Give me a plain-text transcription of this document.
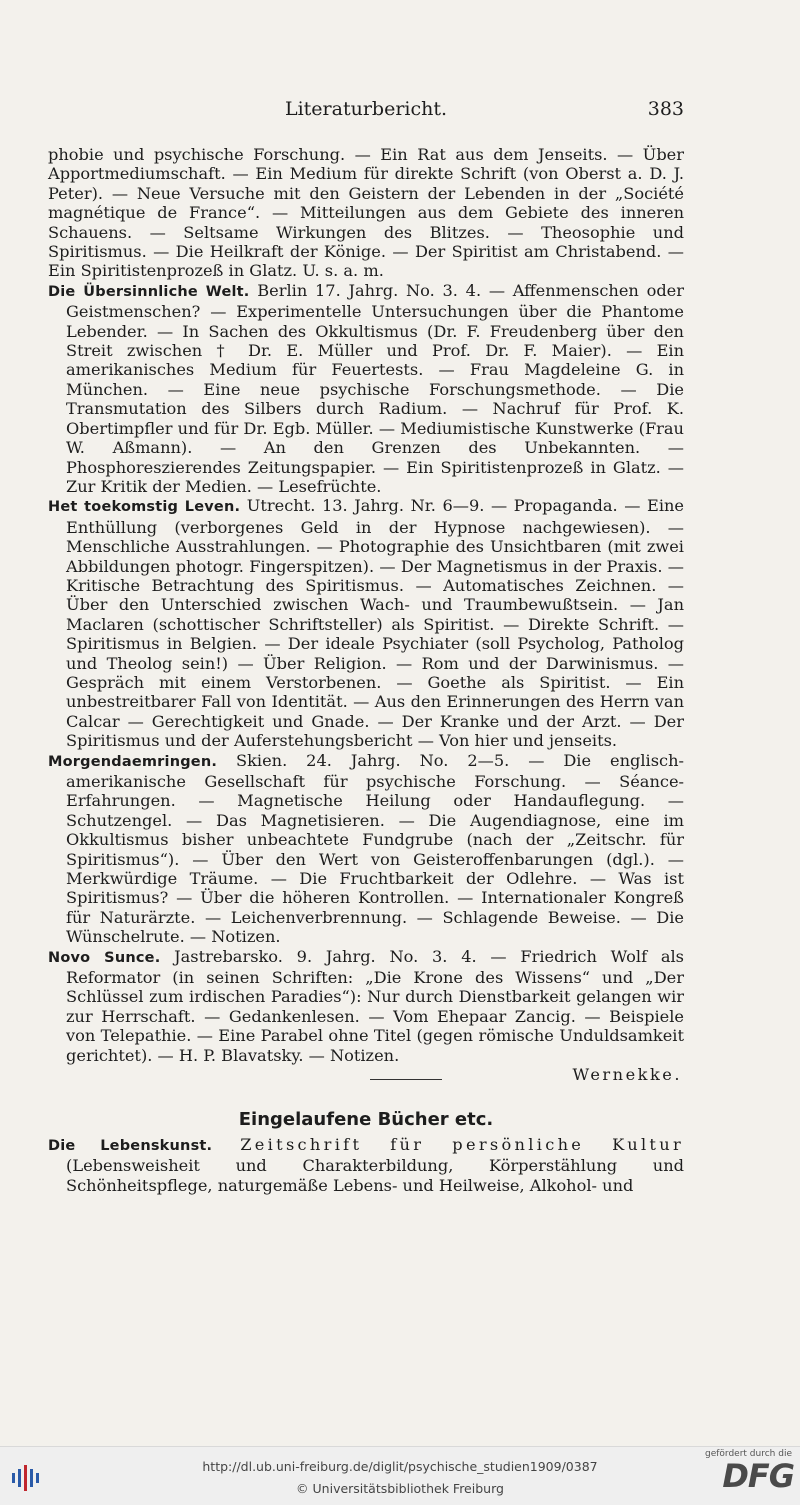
Literaturbericht.	383

phobie und psychische Forschung. — Ein Rat aus dem Jenseits. — Über Apportmediumschaft. — Ein Medium für direkte Schrift (von Oberst a. D. J. Peter). — Neue Versuche mit den Geistern der Lebenden in der „Société magnétique de France“. — Mitteilungen aus dem Gebiete des inneren Schauens. — Seltsame Wirkungen des Blitzes. — Theosophie und Spiritismus. — Die Heilkraft der Könige. — Der Spiritist am Christabend. — Ein Spiritistenprozeß in Glatz. U. s. a. m.

Die Übersinnliche Welt. Berlin 17. Jahrg. No. 3. 4. — Affenmenschen oder Geistmenschen? — Experimentelle Untersuchungen über die Phantome Lebender. — In Sachen des Okkultismus (Dr. F. Freudenberg über den Streit zwischen † Dr. E. Müller und Prof. Dr. F. Maier). — Ein amerikanisches Medium für Feuertests. — Frau Magdeleine G. in München. — Eine neue psychische Forschungsmethode. — Die Transmutation des Silbers durch Radium. — Nachruf für Prof. K. Obertimpfler und für Dr. Egb. Müller. — Mediumistische Kunstwerke (Frau W. Aßmann). — An den Grenzen des Unbekannten. — Phosphoreszierendes Zeitungspapier. — Ein Spiritistenprozeß in Glatz. — Zur Kritik der Medien. — Lesefrüchte.

Het toekomstig Leven. Utrecht. 13. Jahrg. Nr. 6—9. — Propaganda. — Eine Enthüllung (verborgenes Geld in der Hypnose nachgewiesen). — Menschliche Ausstrahlungen. — Photographie des Unsichtbaren (mit zwei Abbildungen photogr. Fingerspitzen). — Der Magnetismus in der Praxis. — Kritische Betrachtung des Spiritismus. — Automatisches Zeichnen. — Über den Unterschied zwischen Wach- und Traumbewußtsein. — Jan Maclaren (schottischer Schriftsteller) als Spiritist. — Direkte Schrift. — Spiritismus in Belgien. — Der ideale Psychiater (soll Psycholog, Patholog und Theolog sein!) — Über Religion. — Rom und der Darwinismus. — Gespräch mit einem Verstorbenen. — Goethe als Spiritist. — Ein unbestreitbarer Fall von Identität. — Aus den Erinnerungen des Herrn van Calcar — Gerechtigkeit und Gnade. — Der Kranke und der Arzt. — Der Spiritismus und der Auferstehungsbericht — Von hier und jenseits.

Morgendaemringen. Skien. 24. Jahrg. No. 2—5. — Die englisch-amerikanische Gesellschaft für psychische Forschung. — Séance-Erfahrungen. — Magnetische Heilung oder Handauflegung. — Schutzengel. — Das Magnetisieren. — Die Augendiagnose, eine im Okkultismus bisher unbeachtete Fundgrube (nach der „Zeitschr. für Spiritismus“). — Über den Wert von Geisteroffenbarungen (dgl.). — Merkwürdige Träume. — Die Fruchtbarkeit der Odlehre. — Was ist Spiritismus? — Über die höheren Kontrollen. — Internationaler Kongreß für Naturärzte. — Leichenverbrennung. — Schlagende Beweise. — Die Wünschelrute. — Notizen.

Novo Sunce. Jastrebarsko. 9. Jahrg. No. 3. 4. — Friedrich Wolf als Reformator (in seinen Schriften: „Die Krone des Wissens“ und „Der Schlüssel zum irdischen Paradies“): Nur durch Dienstbarkeit gelangen wir zur Herrschaft. — Gedankenlesen. — Vom Ehepaar Zancig. — Beispiele von Telepathie. — Eine Parabel ohne Titel (gegen römische Unduldsamkeit gerichtet). — H. P. Blavatsky. — Notizen.

Wernekke.
Eingelaufene Bücher etc.

Die Lebenskunst. Zeitschrift für persönliche Kultur (Lebensweisheit und Charakterbildung, Körperstählung und Schönheitspflege, naturgemäße Lebens- und Heilweise, Alkohol- und

http://dl.ub.uni-freiburg.de/diglit/psychische_studien1909/0387
© Universitätsbibliothek Freiburg
gefördert durch die
DFG
